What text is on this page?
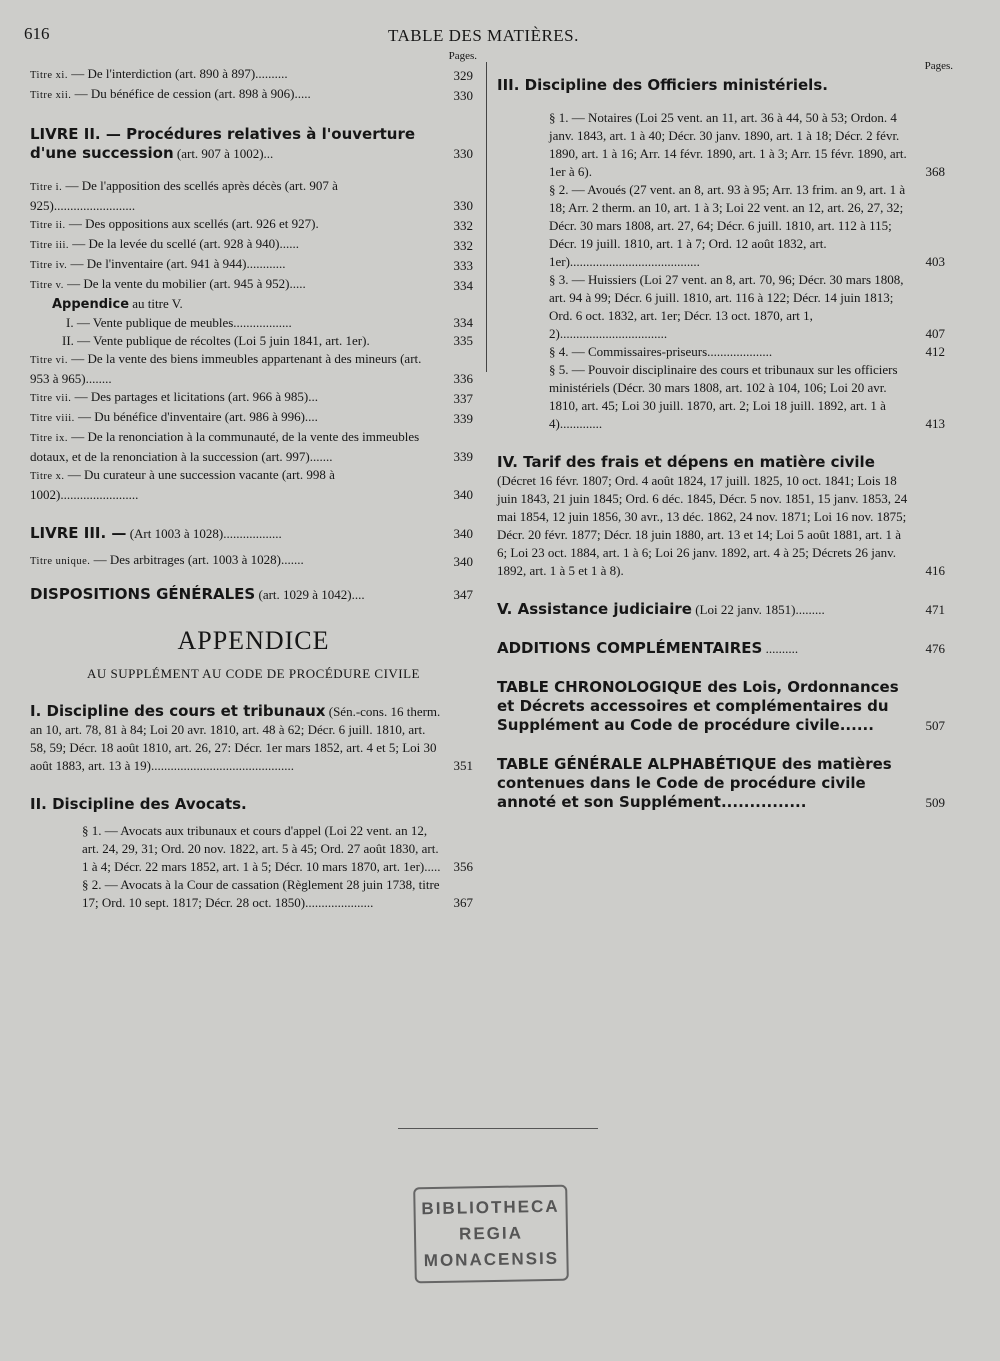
616	TABLE DES MATIÈRES.
Pages.
Titre xi. — De l'interdiction (art. 890 à 897)..........	329
Titre xii. — Du bénéfice de cession (art. 898 à 906).....	330
LIVRE II. — Procédures relatives à l'ouverture d'une succession (art. 907 à 1002)...	330
Titre i. — De l'apposition des scellés après décès (art. 907 à 925).........................	330
Titre ii. — Des oppositions aux scellés (art. 926 et 927).	332
Titre iii. — De la levée du scellé (art. 928 à 940)......	332
Titre iv. — De l'inventaire (art. 941 à 944)............	333
Titre v. — De la vente du mobilier (art. 945 à 952).....	334
Appendice au titre V.
I. — Vente publique de meubles..................	334
II. — Vente publique de récoltes (Loi 5 juin 1841, art. 1er).	335
Titre vi. — De la vente des biens immeubles appartenant à des mineurs (art. 953 à 965)........	336
Titre vii. — Des partages et licitations (art. 966 à 985)...	337
Titre viii. — Du bénéfice d'inventaire (art. 986 à 996)....	339
Titre ix. — De la renonciation à la communauté, de la vente des immeubles dotaux, et de la renonciation à la succession (art. 997).......	339
Titre x. — Du curateur à une succession vacante (art. 998 à 1002)........................	340
LIVRE III. — (Art 1003 à 1028)..................	340
Titre unique. — Des arbitrages (art. 1003 à 1028).......	340
DISPOSITIONS GÉNÉRALES (art. 1029 à 1042)....	347
APPENDICE
AU SUPPLÉMENT AU CODE DE PROCÉDURE CIVILE
I. Discipline des cours et tribunaux (Sén.-cons. 16 therm. an 10, art. 78, 81 à 84; Loi 20 avr. 1810, art. 48 à 62; Décr. 6 juill. 1810, art. 58, 59; Décr. 18 août 1810, art. 26, 27: Décr. 1er mars 1852, art. 4 et 5; Loi 30 août 1883, art. 13 à 19)............................................	351
II. Discipline des Avocats.
§ 1. — Avocats aux tribunaux et cours d'appel (Loi 22 vent. an 12, art. 24, 29, 31; Ord. 20 nov. 1822, art. 5 à 45; Ord. 27 août 1830, art. 1 à 4; Décr. 22 mars 1852, art. 1 à 5; Décr. 10 mars 1870, art. 1er)..... 356
§ 2. — Avocats à la Cour de cassation (Règlement 28 juin 1738, titre 17; Ord. 10 sept. 1817; Décr. 28 oct. 1850).....................	367
Pages.
III. Discipline des Officiers ministériels.
§ 1. — Notaires (Loi 25 vent. an 11, art. 36 à 44, 50 à 53; Ordon. 4 janv. 1843, art. 1 à 40; Décr. 30 janv. 1890, art. 1 à 18; Décr. 2 févr. 1890, art. 1 à 16; Arr. 14 févr. 1890, art. 1 à 3; Arr. 15 févr. 1890, art. 1er à 6).	368
§ 2. — Avoués (27 vent. an 8, art. 93 à 95; Arr. 13 frim. an 9, art. 1 à 18; Arr. 2 therm. an 10, art. 1 à 3; Loi 22 vent. an 12, art. 26, 27, 32; Décr. 30 mars 1808, art. 27, 64; Décr. 6 juill. 1810, art. 112 à 115; Décr. 19 juill. 1810, art. 1 à 7; Ord. 12 août 1832, art. 1er)........................................	403
§ 3. — Huissiers (Loi 27 vent. an 8, art. 70, 96; Décr. 30 mars 1808, art. 94 à 99; Décr. 6 juill. 1810, art. 116 à 122; Décr. 14 juin 1813; Ord. 6 oct. 1832, art. 1er; Décr. 13 oct. 1870, art 1, 2).................................	407
§ 4. — Commissaires-priseurs....................	412
§ 5. — Pouvoir disciplinaire des cours et tribunaux sur les officiers ministériels (Décr. 30 mars 1808, art. 102 à 104, 106; Loi 20 avr. 1810, art. 45; Loi 30 juill. 1870, art. 2; Loi 18 juill. 1892, art. 1 à 4).............	413
IV. Tarif des frais et dépens en matière civile (Décret 16 févr. 1807; Ord. 4 août 1824, 17 juill. 1825, 10 oct. 1841; Lois 18 juin 1843, 21 juin 1845; Ord. 6 déc. 1845, Décr. 5 nov. 1851, 15 janv. 1853, 24 mai 1854, 12 juin 1856, 30 avr., 13 déc. 1862, 24 nov. 1871; Loi 16 nov. 1875; Décr. 20 févr. 1877; Décr. 18 juin 1880, art. 13 et 14; Loi 5 août 1881, art. 1 à 6; Loi 23 oct. 1884, art. 1 à 6; Loi 26 janv. 1892, art. 4 à 25; Décrets 26 janv. 1892, art. 1 à 5 et 1 à 8).	416
V. Assistance judiciaire (Loi 22 janv. 1851).........	471
ADDITIONS COMPLÉMENTAIRES ..........	476
TABLE CHRONOLOGIQUE des Lois, Ordonnances et Décrets accessoires et complémentaires du Supplément au Code de procédure civile......	507
TABLE GÉNÉRALE ALPHABÉTIQUE des matières contenues dans le Code de procédure civile annoté et son Supplément...............	509
BIBLIOTHECA
REGIA
MONACENSIS
